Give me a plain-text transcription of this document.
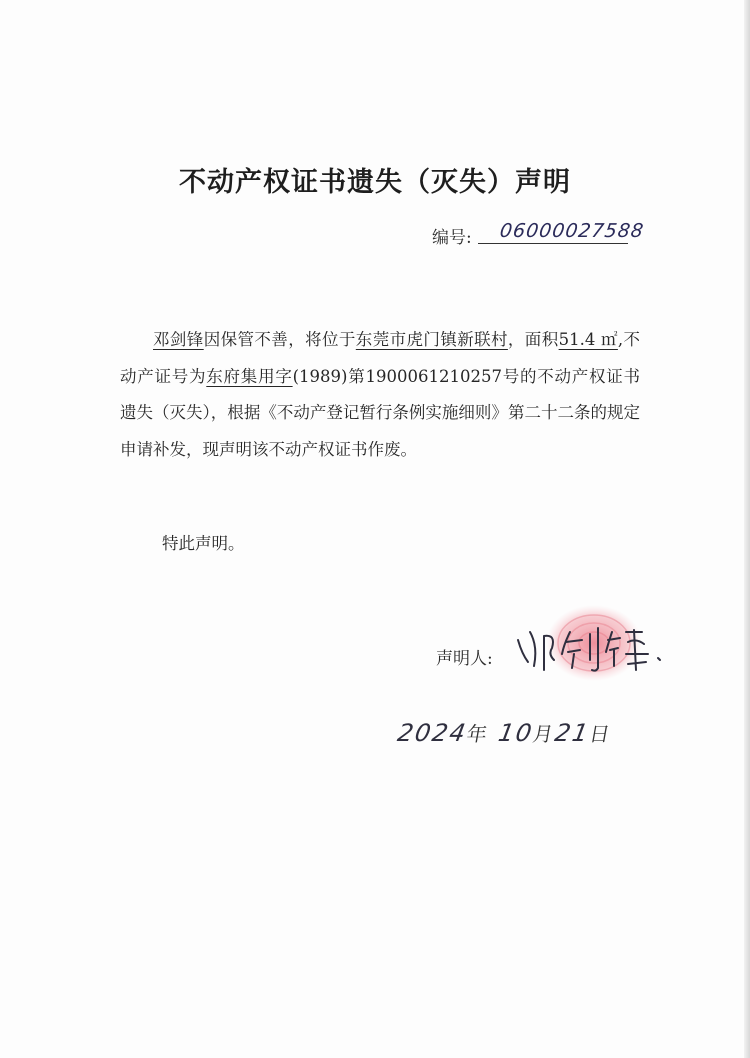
不动产权证书遗失（灭失）声明
编号: 06000027588

邓剑锋因保管不善，将位于东莞市虎门镇新联村，面积51.4 ㎡,不动产证号为东府集用字(1989)第1900061210257号的不动产权证书遗失（灭失），根据《不动产登记暂行条例实施细则》第二十二条的规定申请补发，现声明该不动产权证书作废。

特此声明。
声明人:
2024年 10月21日
